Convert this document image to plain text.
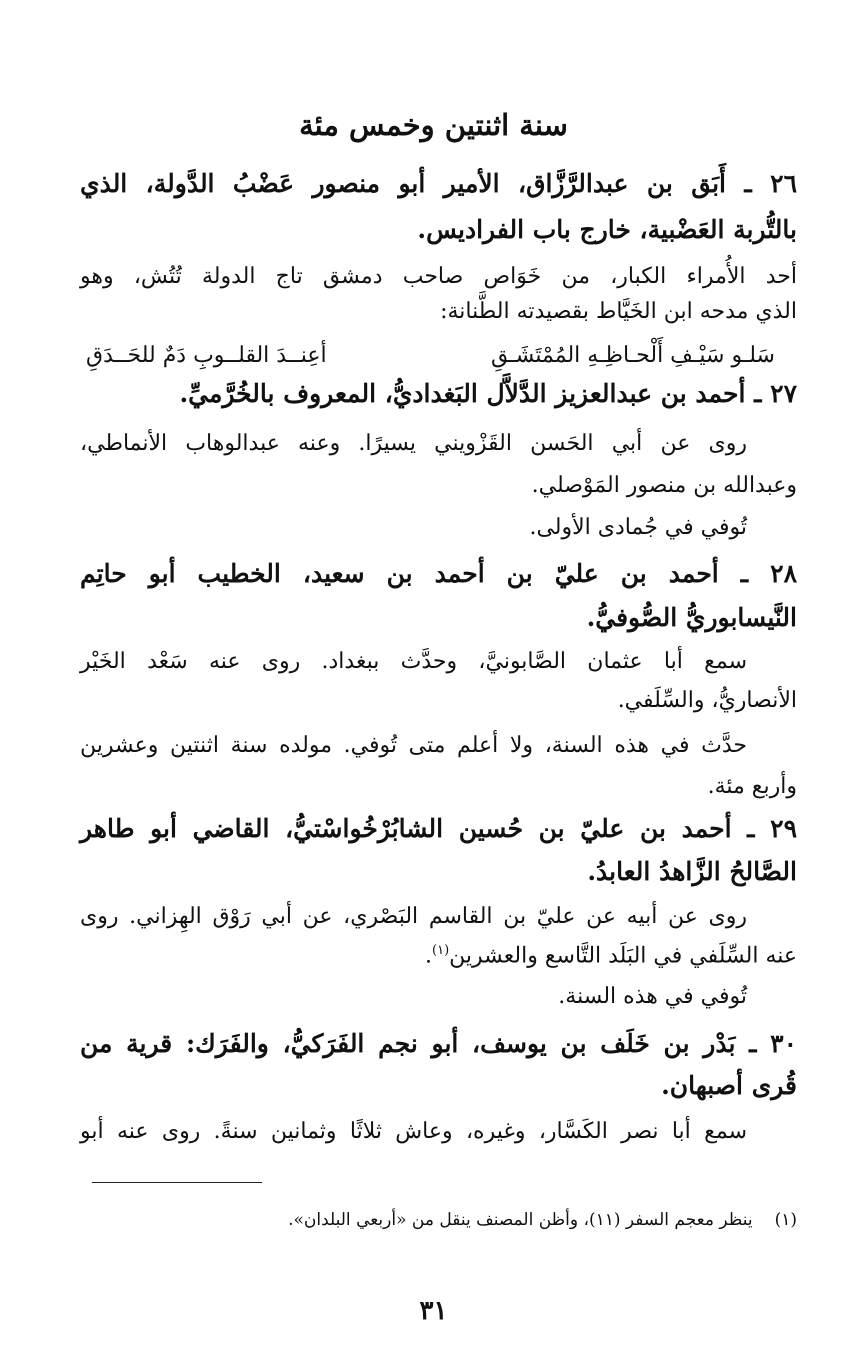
سنة اثنتين وخمس مئة
٢٦ ـ أَبَق بن عبدالرَّزَّاق، الأمير أبو منصور عَضْبُ الدَّولة، الذي
بالتُّربة العَضْبية، خارج باب الفراديس.
أحد الأُمراء الكبار، من خَوَاص صاحب دمشق تاج الدولة تُتُش، وهو
الذي مدحه ابن الخَيَّاط بقصيدته الطَّنانة:
سَلـو سَيْـفِ أَلْحـاظِـهِ المُمْتَشَـقِ
أعِنــدَ القلــوبِ دَمٌ للحَــدَقِ
٢٧ ـ أحمد بن عبدالعزيز الدَّلاَّل البَغداديُّ، المعروف بالخُرَّميِّ.
روى عن أبي الحَسن القَزْويني يسيرًا. وعنه عبدالوهاب الأنماطي،
وعبدالله بن منصور المَوْصلي.
تُوفي في جُمادى الأولى.
٢٨ ـ أحمد بن عليّ بن أحمد بن سعيد، الخطيب أبو حاتِم
النَّيسابوريُّ الصُّوفيُّ.
سمع أبا عثمان الصَّابونيَّ، وحدَّث ببغداد. روى عنه سَعْد الخَيْر
الأنصاريُّ، والسِّلَفي.
حدَّث في هذه السنة، ولا أعلم متى تُوفي. مولده سنة اثنتين وعشرين
وأربع مئة.
٢٩ ـ أحمد بن عليّ بن حُسين الشابُرْخُواسْتيُّ، القاضي أبو طاهر
الصَّالحُ الزَّاهدُ العابدُ.
روى عن أبيه عن عليّ بن القاسم البَصْري، عن أبي رَوْق الهِزاني. روى
عنه السِّلَفي في البَلَد التَّاسع والعشرين$^{(١)}$.
تُوفي في هذه السنة.
٣٠ ـ بَدْر بن خَلَف بن يوسف، أبو نجم الفَرَكيُّ، والفَرَك: قرية من
قُرى أصبهان.
سمع أبا نصر الكَسَّار، وغيره، وعاش ثلاثًا وثمانين سنةً. روى عنه أبو
(١)ينظر معجم السفر (١١)، وأظن المصنف ينقل من «أربعي البلدان».
٣١
